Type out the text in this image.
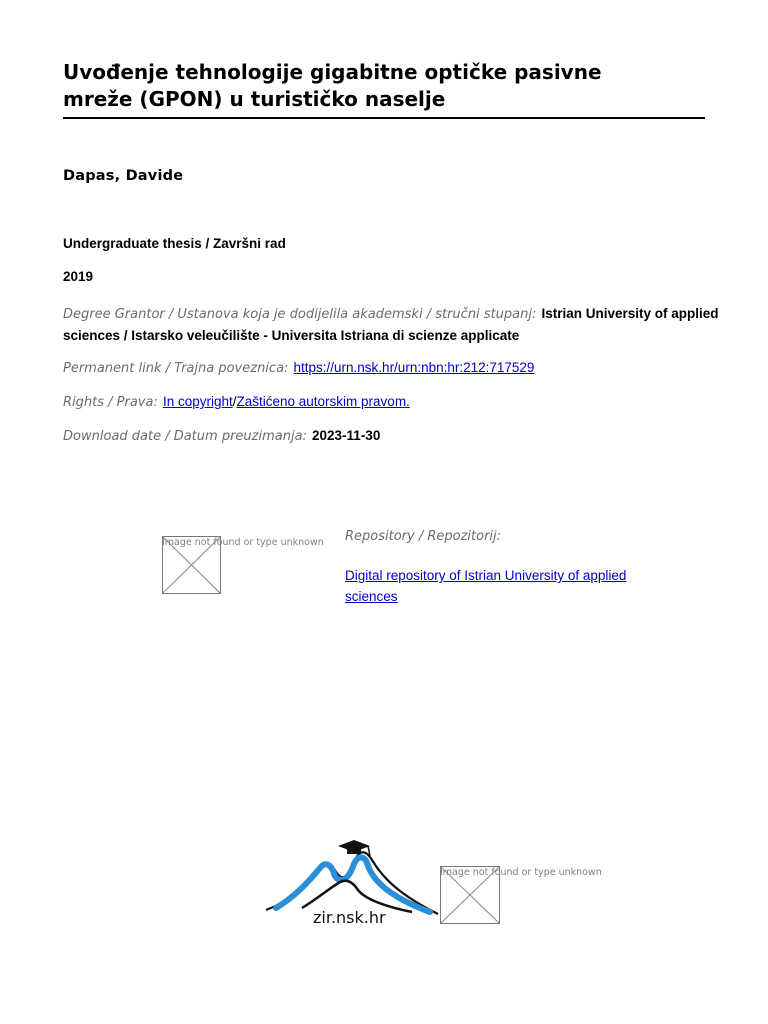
Uvođenje tehnologije gigabitne optičke pasivne mreže (GPON) u turističko naselje
Dapas, Davide
Undergraduate thesis / Završni rad
2019
Degree Grantor / Ustanova koja je dodijelila akademski / stručni stupanj: Istrian University of applied sciences / Istarsko veleučilište - Universita Istriana di scienze applicate
Permanent link / Trajna poveznica: https://urn.nsk.hr/urn:nbn:hr:212:717529
Rights / Prava: In copyright/Zaštićeno autorskim pravom.
Download date / Datum preuzimanja: 2023-11-30
Image not found or type unknown Repository / Repozitorij:
Digital repository of Istrian University of applied sciences
zir.nsk.hr
Image not found or type unknown
